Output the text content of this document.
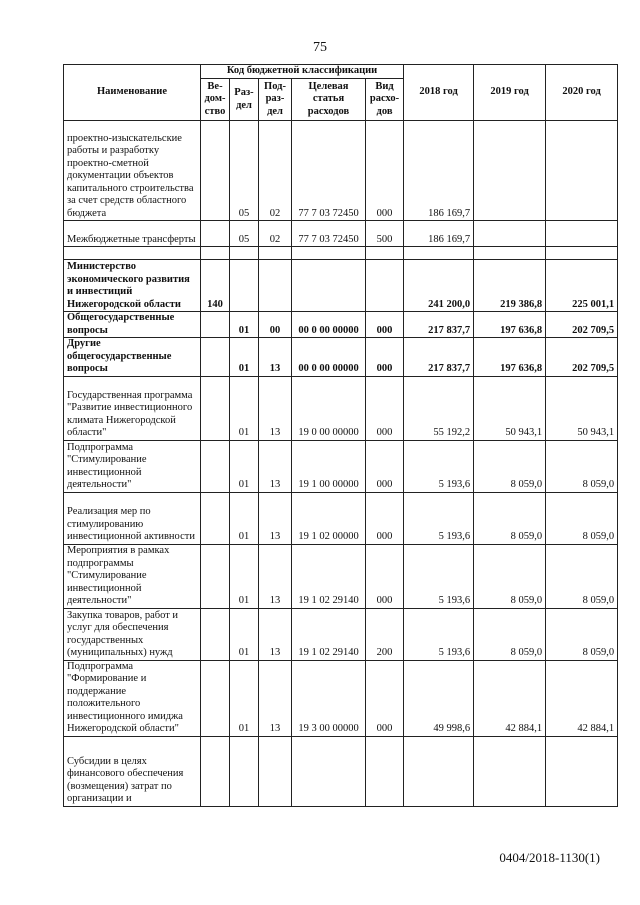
75
Наименование	Код бюджетной классификации					2018 год	2019 год	2020 год
	Ве- дом- ство	Раз- дел	Под- раз- дел	Целевая статья расходов	Вид расхо- дов			
проектно-изыскательские работы и разработку проектно-сметной документации объектов капитального строительства за счет средств областного бюджета		05	02	77 7 03 72450	000	186 169,7		
Межбюджетные трансферты		05	02	77 7 03 72450	500	186 169,7		

Министерство экономического развития и инвестиций Нижегородской области	140					241 200,0	219 386,8	225 001,1
Общегосударственные вопросы		01	00	00 0 00 00000	000	217 837,7	197 636,8	202 709,5
Другие общегосударственные вопросы		01	13	00 0 00 00000	000	217 837,7	197 636,8	202 709,5
Государственная программа "Развитие инвестиционного климата Нижегородской области"		01	13	19 0 00 00000	000	55 192,2	50 943,1	50 943,1
Подпрограмма "Стимулирование инвестиционной деятельности"		01	13	19 1 00 00000	000	5 193,6	8 059,0	8 059,0
Реализация мер по стимулированию инвестиционной активности		01	13	19 1 02 00000	000	5 193,6	8 059,0	8 059,0
Мероприятия в рамках подпрограммы "Стимулирование инвестиционной деятельности"		01	13	19 1 02 29140	000	5 193,6	8 059,0	8 059,0
Закупка товаров, работ и услуг для обеспечения государственных (муниципальных) нужд		01	13	19 1 02 29140	200	5 193,6	8 059,0	8 059,0
Подпрограмма "Формирование и поддержание положительного инвестиционного имиджа Нижегородской области"		01	13	19 3 00 00000	000	49 998,6	42 884,1	42 884,1
Субсидии в целях финансового обеспечения (возмещения) затрат по организации и								
0404/2018-1130(1)
